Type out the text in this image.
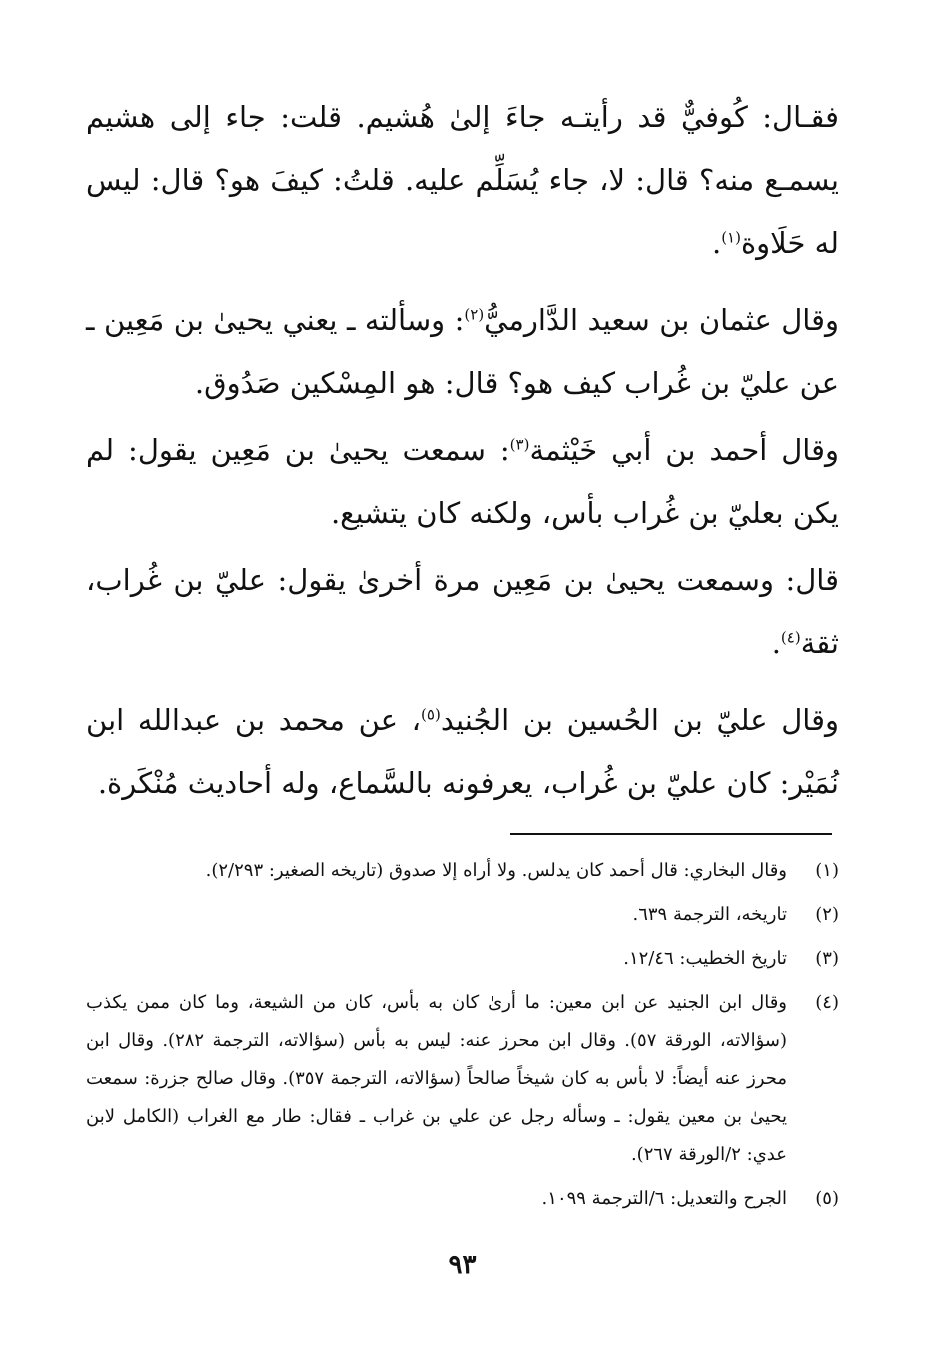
فقـال: كُوفيٌّ قد رأيتـه جاءَ إلىٰ هُشيم. قلت: جاء إلى هشيم يسمـع منه؟ قال: لا، جاء يُسَلِّم عليه. قلتُ: كيفَ هو؟ قال: ليس له حَلَاوة$^{(١)}$.

وقال عثمان بن سعيد الدَّارميُّ$^{(٢)}$: وسألته ـ يعني يحيىٰ بن مَعِين ـ عن عليّ بن غُراب كيف هو؟ قال: هو المِسْكين صَدُوق.

وقال أحمد بن أبي خَيْثمة$^{(٣)}$: سمعت يحيىٰ بن مَعِين يقول: لم يكن بعليّ بن غُراب بأس، ولكنه كان يتشيع.

قال: وسمعت يحيىٰ بن مَعِين مرة أخرىٰ يقول: عليّ بن غُراب، ثقة$^{(٤)}$.

وقال عليّ بن الحُسين بن الجُنيد$^{(٥)}$، عن محمد بن عبدالله ابن نُمَيْر: كان عليّ بن غُراب، يعرفونه بالسَّماع، وله أحاديث مُنْكَرة.

(١)
وقال البخاري: قال أحمد كان يدلس. ولا أراه إلا صدوق (تاريخه الصغير: ٢/٢٩٣).
(٢)
تاريخه، الترجمة ٦٣٩.
(٣)
تاريخ الخطيب: ١٢/٤٦.
(٤)
وقال ابن الجنيد عن ابن معين: ما أرىٰ كان به بأس، كان من الشيعة، وما كان ممن يكذب (سؤالاته، الورقة ٥٧). وقال ابن محرز عنه: ليس به بأس (سؤالاته، الترجمة ٢٨٢). وقال ابن محرز عنه أيضاً: لا بأس به كان شيخاً صالحاً (سؤالاته، الترجمة ٣٥٧). وقال صالح جزرة: سمعت يحيىٰ بن معين يقول: ـ وسأله رجل عن علي بن غراب ـ فقال: طار مع الغراب (الكامل لابن عدي: ٢/الورقة ٢٦٧).
(٥)
الجرح والتعديل: ٦/الترجمة ١٠٩٩.
٩٣
